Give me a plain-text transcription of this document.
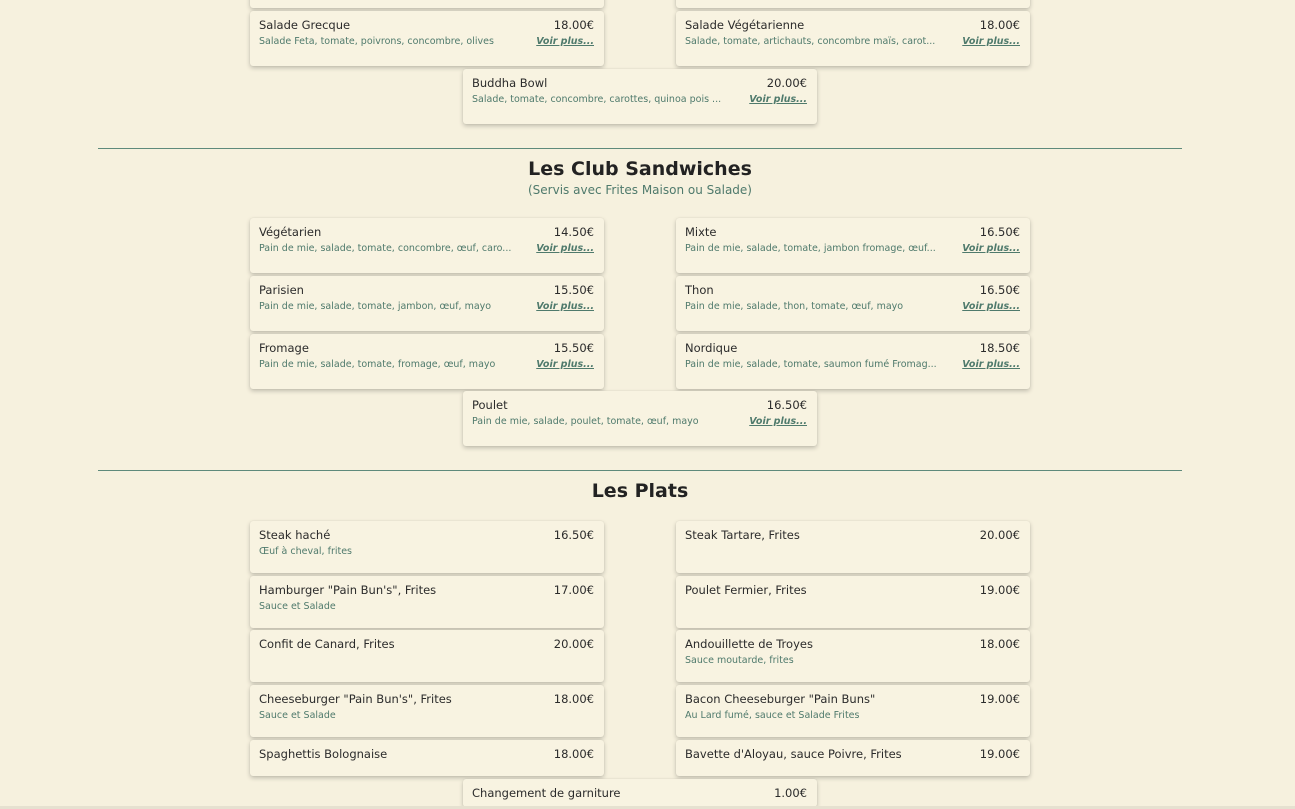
Salade Grecque	18.00€
Salade Feta, tomate, poivrons, concombre, olives	Voir plus...
Salade Végétarienne	18.00€
Salade, tomate, artichauts, concombre maïs, carot...	Voir plus...
Buddha Bowl	20.00€
Salade, tomate, concombre, carottes, quinoa pois ...	Voir plus...
Les Club Sandwiches
(Servis avec Frites Maison ou Salade)
Végétarien	14.50€
Pain de mie, salade, tomate, concombre, œuf, caro...	Voir plus...
Mixte	16.50€
Pain de mie, salade, tomate, jambon fromage, œuf...	Voir plus...
Parisien	15.50€
Pain de mie, salade, tomate, jambon, œuf, mayo	Voir plus...
Thon	16.50€
Pain de mie, salade, thon, tomate, œuf, mayo	Voir plus...
Fromage	15.50€
Pain de mie, salade, tomate, fromage, œuf, mayo	Voir plus...
Nordique	18.50€
Pain de mie, salade, tomate, saumon fumé Fromag...	Voir plus...
Poulet	16.50€
Pain de mie, salade, poulet, tomate, œuf, mayo	Voir plus...
Les Plats
Steak haché	16.50€
Œuf à cheval, frites
Steak Tartare, Frites	20.00€
Hamburger "Pain Bun's", Frites	17.00€
Sauce et Salade
Poulet Fermier, Frites	19.00€
Confit de Canard, Frites	20.00€	Andouillette de Troyes	18.00€
Sauce moutarde, frites
Cheeseburger "Pain Bun's", Frites	18.00€
Sauce et Salade
Bacon Cheeseburger "Pain Buns"	19.00€
Au Lard fumé, sauce et Salade Frites
Spaghettis Bolognaise	18.00€	Bavette d'Aloyau, sauce Poivre, Frites	19.00€
Changement de garniture	1.00€
